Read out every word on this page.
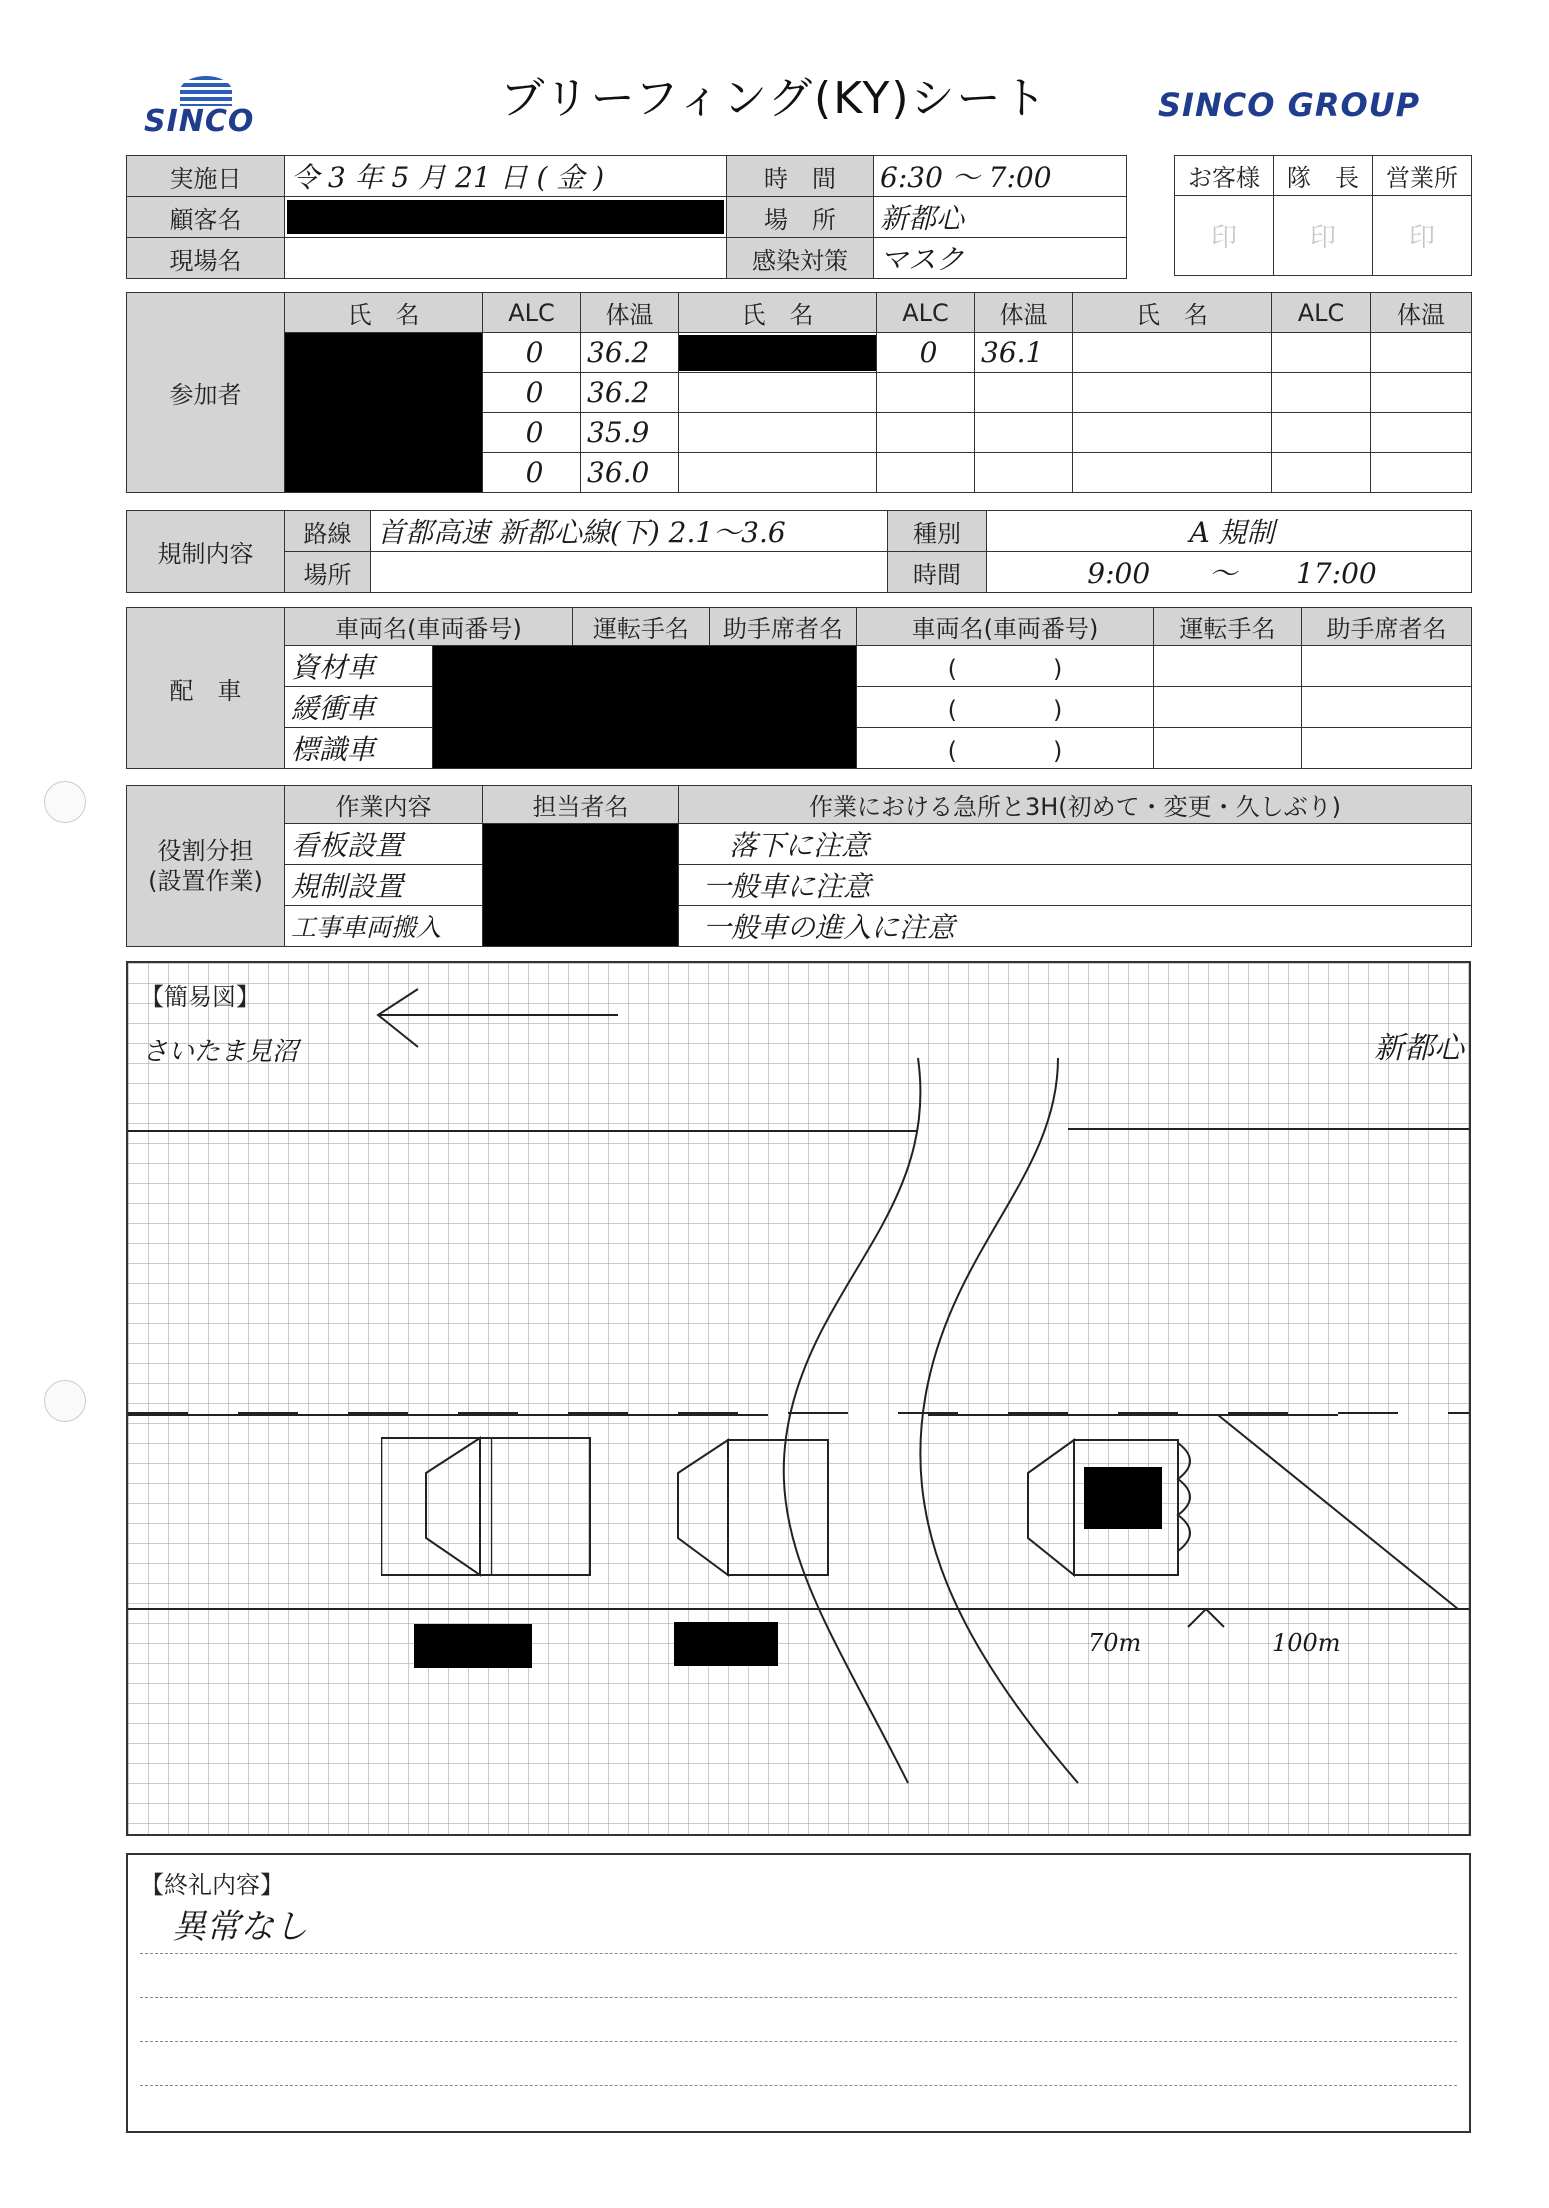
SINCO	ブリーフィング(KY)シート	SINCO GROUP
実施日	令 3 年 5 月 21 日 ( 金 )	時　間	6:30 ～ 7:00
顧客名		場　所	新都心
現場名		感染対策	マスク
お客様	隊　長	営業所
印	印	印
参加者	氏　名	ALC	体温	氏　名	ALC	体温	氏　名	ALC	体温
		0	36.2		0	36.1			
		0	36.2						
		0	35.9						
		0	36.0						
規制内容	路線	首都高速 新都心線(下) 2.1～3.6	種別	A 規制
	場所		時間	9:00 ～ 17:00
配　車	車両名(車両番号)		運転手名	助手席者名	車両名(車両番号)	運転手名	助手席者名
	資材車				(　　　　)		
	緩衝車				(　　　　)		
	標識車				(　　　　)		
役割分担
(設置作業)	作業内容	担当者名	作業における急所と3H(初めて・変更・久しぶり)
	看板設置		落下に注意
	規制設置		一般車に注意
	工事車両搬入		一般車の進入に注意
【簡易図】
さいたま見沼	新都心
70m	100m
【終礼内容】
異常なし
